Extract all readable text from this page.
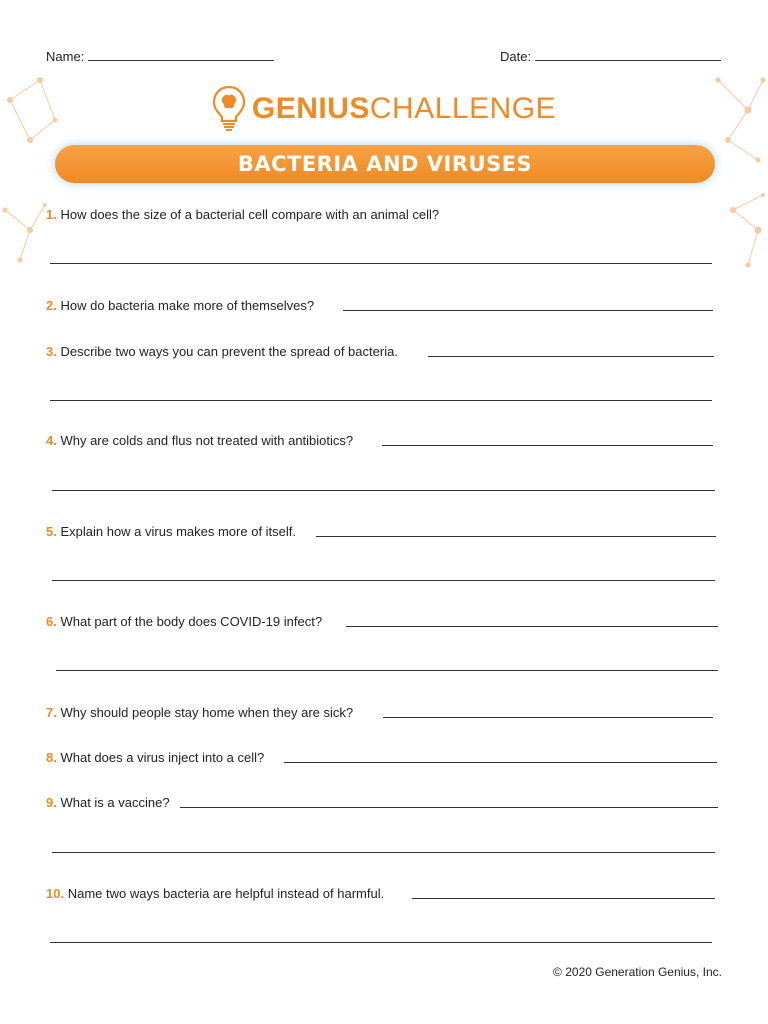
Name:	Date:
GENIUSCHALLENGE
BACTERIA AND VIRUSES
1. How does the size of a bacterial cell compare with an animal cell?
2. How do bacteria make more of themselves?
3. Describe two ways you can prevent the spread of bacteria.
4. Why are colds and flus not treated with antibiotics?
5. Explain how a virus makes more of itself.
6. What part of the body does COVID-19 infect?
7. Why should people stay home when they are sick?
8. What does a virus inject into a cell?
9. What is a vaccine?
10. Name two ways bacteria are helpful instead of harmful.
© 2020 Generation Genius, Inc.
